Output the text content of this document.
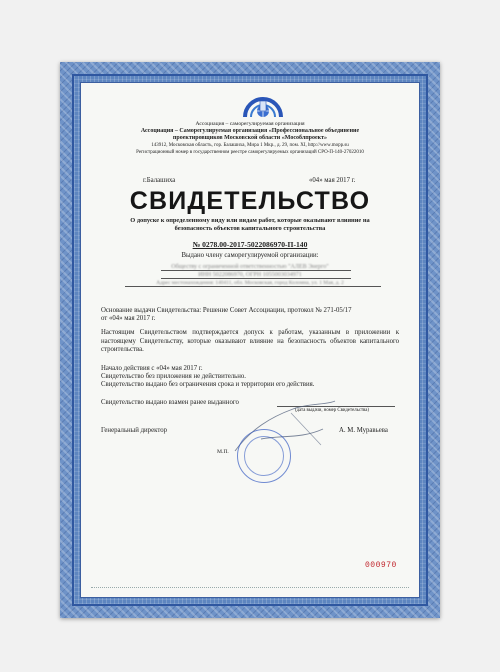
Ассоциация – саморегулируемая организация
Ассоциация – Саморегулируемая организация «Профессиональное объединение
проектировщиков Московской области «Мособлпроект»
143912, Московская область, гор. Балашиха, Мира 1 Мкр., д. 29, пом. XI, http://www.mopp.su
Регистрационный номер в государственном реестре саморегулируемых организаций СРО-П-140-27022010
г.Балашиха	«04» мая 2017 г.
СВИДЕТЕЛЬСТВО
О допуске к определенному виду или видам работ, которые оказывают влияние на
безопасность объектов капитального строительства
№ 0278.00-2017-5022086970-П-140
Выдано члену саморегулируемой организации:
Обществу с ограниченной ответственностью "АЛЕВ Энерго"
ИНН 5022086970, ОГРН 1055003034971
Адрес местонахождения: 140411, обл. Московская, город Коломна, ул. 1 Мая, д. 2
Основание выдачи Свидетельства: Решение Совет Ассоциации, протокол № 271-05/17
от «04» мая 2017 г.
Настоящим Свидетельством подтверждается допуск к работам, указанным в приложении к настоящему Свидетельству, которые оказывают влияние на безопасность объектов капитального строительства.
Начало действия с «04» мая 2017 г.
Свидетельство без приложения не действительно.
Свидетельство выдано без ограничения срока и территории его действия.
Свидетельство выдано взамен ранее выданного
(дата выдачи, номер Свидетельства)
Генеральный директор	А. М. Муравьева
М.П.
000970
